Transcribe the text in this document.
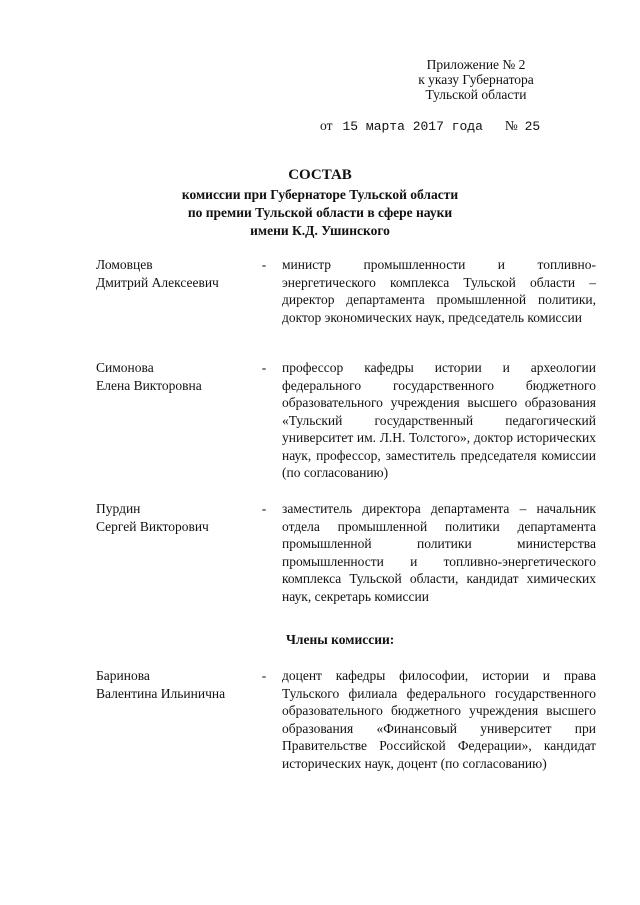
Приложение № 2
к указу Губернатора
Тульской области
от 15 марта 2017 года № 25
СОСТАВ
комиссии при Губернаторе Тульской области
по премии Тульской области в сфере науки
имени К.Д. Ушинского
Ломовцев
Дмитрий Алексеевич
- министр промышленности и топливно-энергетического комплекса Тульской области – директор департамента промышленной политики, доктор экономических наук, председатель комиссии
Симонова
Елена Викторовна
- профессор кафедры истории и археологии федерального государственного бюджетного образовательного учреждения высшего образования «Тульский государственный педагогический университет им. Л.Н. Толстого», доктор исторических наук, профессор, заместитель председателя комиссии (по согласованию)
Пурдин
Сергей Викторович
- заместитель директора департамента – начальник отдела промышленной политики департамента промышленной политики министерства промышленности и топливно-энергетического комплекса Тульской области, кандидат химических наук, секретарь комиссии
Члены комиссии:
Баринова
Валентина Ильинична
- доцент кафедры философии, истории и права Тульского филиала федерального государственного образовательного бюджетного учреждения высшего образования «Финансовый университет при Правительстве Российской Федерации», кандидат исторических наук, доцент (по согласованию)
